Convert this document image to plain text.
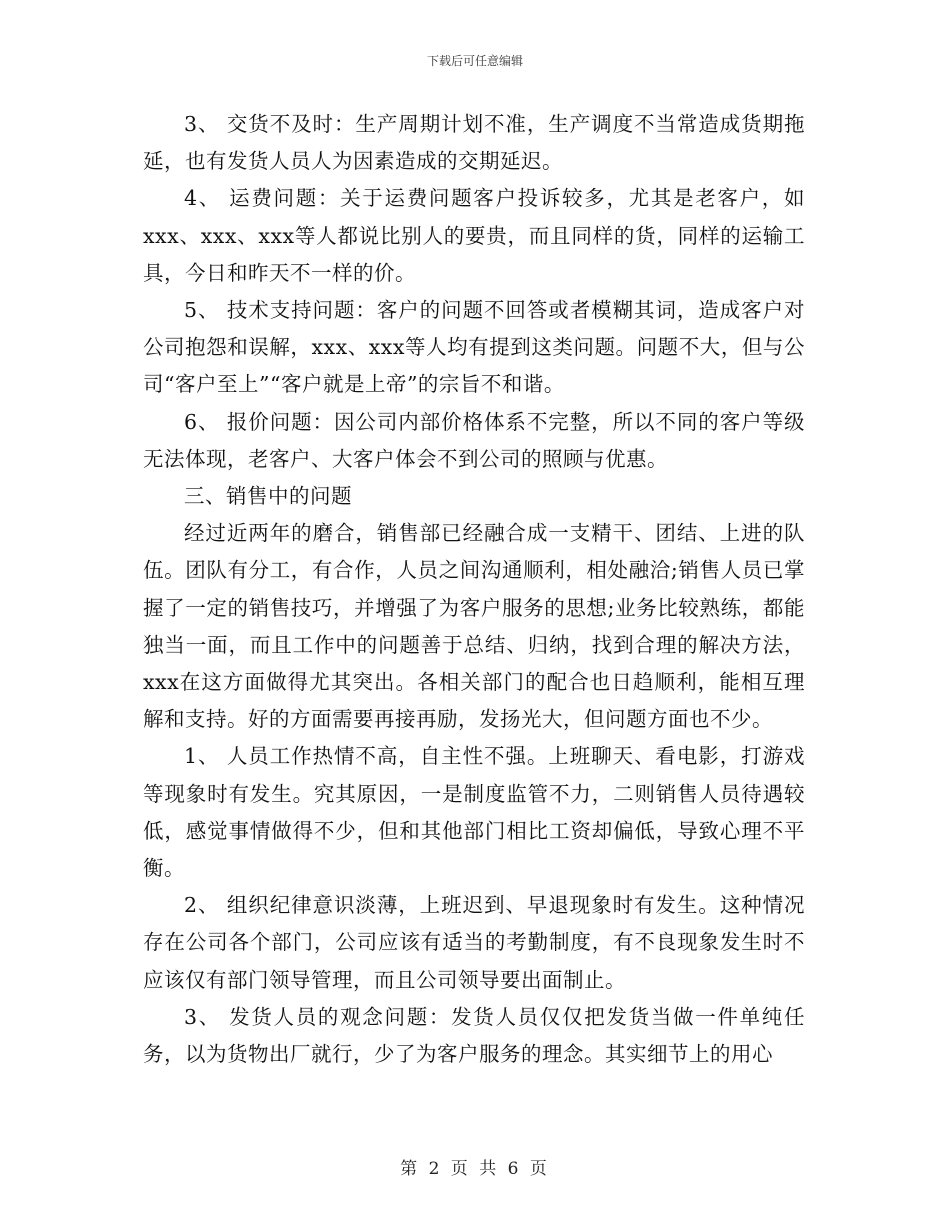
下载后可任意编辑

3、 交货不及时：生产周期计划不准，生产调度不当常造成货期拖延，也有发货人员人为因素造成的交期延迟。

4、 运费问题：关于运费问题客户投诉较多，尤其是老客户，如xxx、xxx、xxx等人都说比别人的要贵，而且同样的货，同样的运输工具，今日和昨天不一样的价。

5、 技术支持问题：客户的问题不回答或者模糊其词，造成客户对公司抱怨和误解，xxx、xxx等人均有提到这类问题。问题不大，但与公司“客户至上”“客户就是上帝”的宗旨不和谐。

6、 报价问题：因公司内部价格体系不完整，所以不同的客户等级无法体现，老客户、大客户体会不到公司的照顾与优惠。

三、销售中的问题

经过近两年的磨合，销售部已经融合成一支精干、团结、上进的队伍。团队有分工，有合作，人员之间沟通顺利，相处融洽;销售人员已掌握了一定的销售技巧，并增强了为客户服务的思想;业务比较熟练，都能独当一面，而且工作中的问题善于总结、归纳，找到合理的解决方法，xxx在这方面做得尤其突出。各相关部门的配合也日趋顺利，能相互理解和支持。好的方面需要再接再励，发扬光大，但问题方面也不少。

1、 人员工作热情不高，自主性不强。上班聊天、看电影，打游戏等现象时有发生。究其原因，一是制度监管不力，二则销售人员待遇较低，感觉事情做得不少，但和其他部门相比工资却偏低，导致心理不平衡。

2、 组织纪律意识淡薄，上班迟到、早退现象时有发生。这种情况存在公司各个部门，公司应该有适当的考勤制度，有不良现象发生时不应该仅有部门领导管理，而且公司领导要出面制止。

3、 发货人员的观念问题：发货人员仅仅把发货当做一件单纯任务，以为货物出厂就行，少了为客户服务的理念。其实细节上的用心

第 2 页 共 6 页
